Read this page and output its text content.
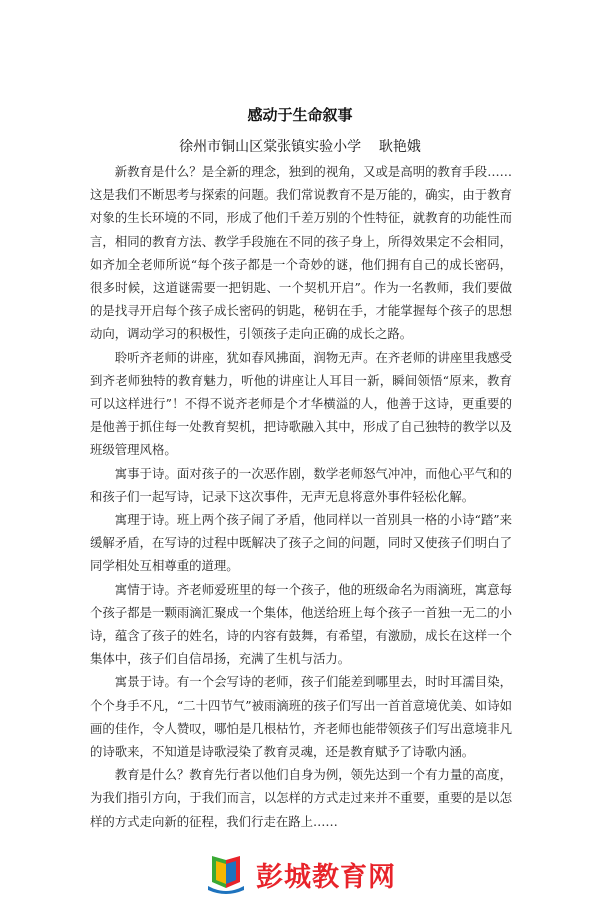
感动于生命叙事
徐州市铜山区棠张镇实验小学    耿艳娥

新教育是什么？是全新的理念，独到的视角，又或是高明的教育手段……这是我们不断思考与探索的问题。我们常说教育不是万能的，确实，由于教育对象的生长环境的不同，形成了他们千差万别的个性特征，就教育的功能性而言，相同的教育方法、教学手段施在不同的孩子身上，所得效果定不会相同，如齐加全老师所说“每个孩子都是一个奇妙的谜，他们拥有自己的成长密码，很多时候，这道谜需要一把钥匙、一个契机开启”。作为一名教师，我们要做的是找寻开启每个孩子成长密码的钥匙，秘钥在手，才能掌握每个孩子的思想动向，调动学习的积极性，引领孩子走向正确的成长之路。

聆听齐老师的讲座，犹如春风拂面，润物无声。在齐老师的讲座里我感受到齐老师独特的教育魅力，听他的讲座让人耳目一新，瞬间领悟“原来，教育可以这样进行”！不得不说齐老师是个才华横溢的人，他善于这诗，更重要的是他善于抓住每一处教育契机，把诗歌融入其中，形成了自己独特的教学以及班级管理风格。

寓事于诗。面对孩子的一次恶作剧，数学老师怒气冲冲，而他心平气和的和孩子们一起写诗，记录下这次事件，无声无息将意外事件轻松化解。

寓理于诗。班上两个孩子闹了矛盾，他同样以一首别具一格的小诗“踏”来缓解矛盾，在写诗的过程中既解决了孩子之间的问题，同时又使孩子们明白了同学相处互相尊重的道理。

寓情于诗。齐老师爱班里的每一个孩子，他的班级命名为雨滴班，寓意每个孩子都是一颗雨滴汇聚成一个集体，他送给班上每个孩子一首独一无二的小诗，蕴含了孩子的姓名，诗的内容有鼓舞，有希望，有激励，成长在这样一个集体中，孩子们自信昂扬，充满了生机与活力。

寓景于诗。有一个会写诗的老师，孩子们能差到哪里去，时时耳濡目染，个个身手不凡，“二十四节气”被雨滴班的孩子们写出一首首意境优美、如诗如画的佳作，令人赞叹，哪怕是几根枯竹，齐老师也能带领孩子们写出意境非凡的诗歌来，不知道是诗歌浸染了教育灵魂，还是教育赋予了诗歌内涵。

教育是什么？教育先行者以他们自身为例，领先达到一个有力量的高度，为我们指引方向，于我们而言，以怎样的方式走过来并不重要，重要的是以怎样的方式走向新的征程，我们行走在路上……

彭城教育网
